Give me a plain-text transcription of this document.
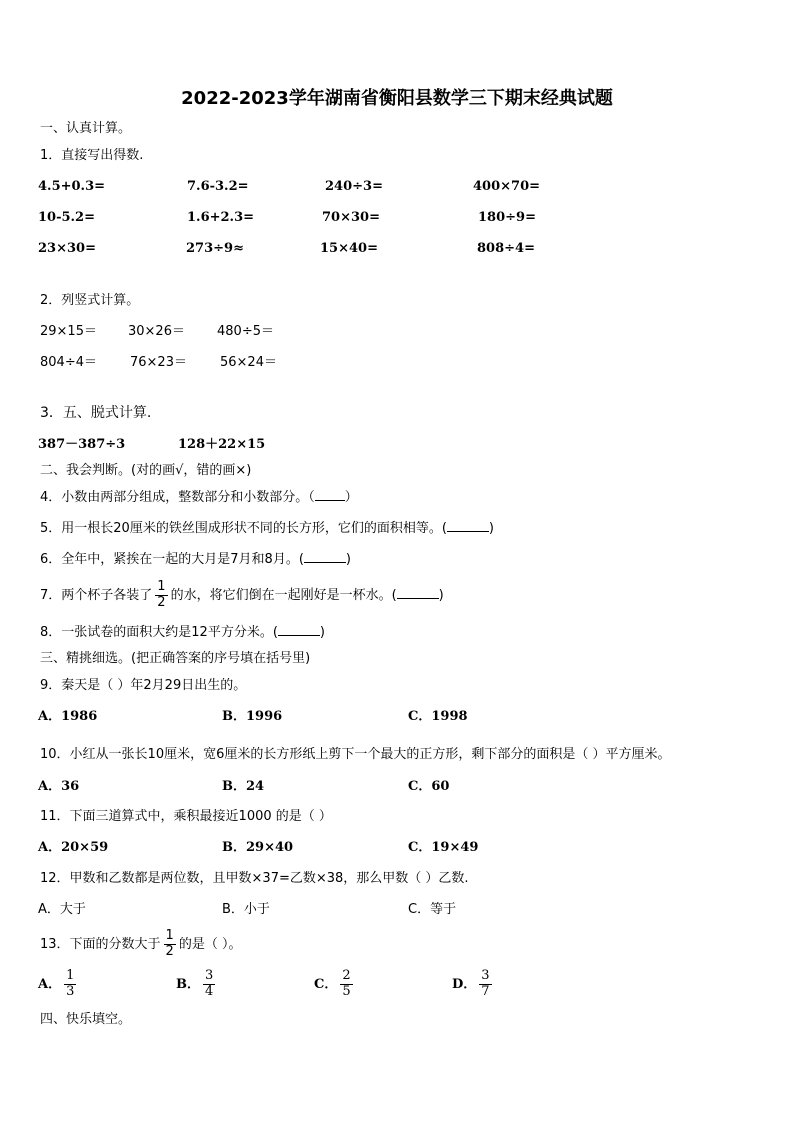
2022-2023学年湖南省衡阳县数学三下期末经典试题
一、认真计算。
1．直接写出得数.
4.5+0.3=	7.6-3.2=	240÷3=	400×70=
10-5.2=	1.6+2.3=	70×30=	180÷9=
23×30=	273÷9≈	15×40=	808÷4=
2．列竖式计算。
29×15＝ 30×26＝ 480÷5＝
804÷4＝	76×23＝	56×24＝
3．五、脱式计算.
387－387÷3	128＋22×15
二、我会判断。(对的画√，错的画×)
4．小数由两部分组成，整数部分和小数部分。（ ）
5．用一根长20厘米的铁丝围成形状不同的长方形，它们的面积相等。(	)
6．全年中，紧挨在一起的大月是7月和8月。(	)
7．两个杯子各装了 $\frac{1}{2}$ 的水，将它们倒在一起刚好是一杯水。(	)
8．一张试卷的面积大约是12平方分米。(	)
三、精挑细选。(把正确答案的序号填在括号里)
9．秦天是（ ）年2月29日出生的。
A．1986	B．1996	C．1998
10．小红从一张长10厘米，宽6厘米的长方形纸上剪下一个最大的正方形，剩下部分的面积是（ ）平方厘米。
A．36	B．24	C．60
11．下面三道算式中，乘积最接近1000 的是（ ）
A．20×59	B．29×40	C．19×49
12．甲数和乙数都是两位数，且甲数×37=乙数×38，那么甲数（ ）乙数.
A．大于	B．小于	C．等于
13．下面的分数大于 $\frac{1}{2}$ 的是（ ）。
A． $\frac{1}{3}$	B． $\frac{3}{4}$	C． $\frac{2}{5}$	D． $\frac{3}{7}$
四、快乐填空。
